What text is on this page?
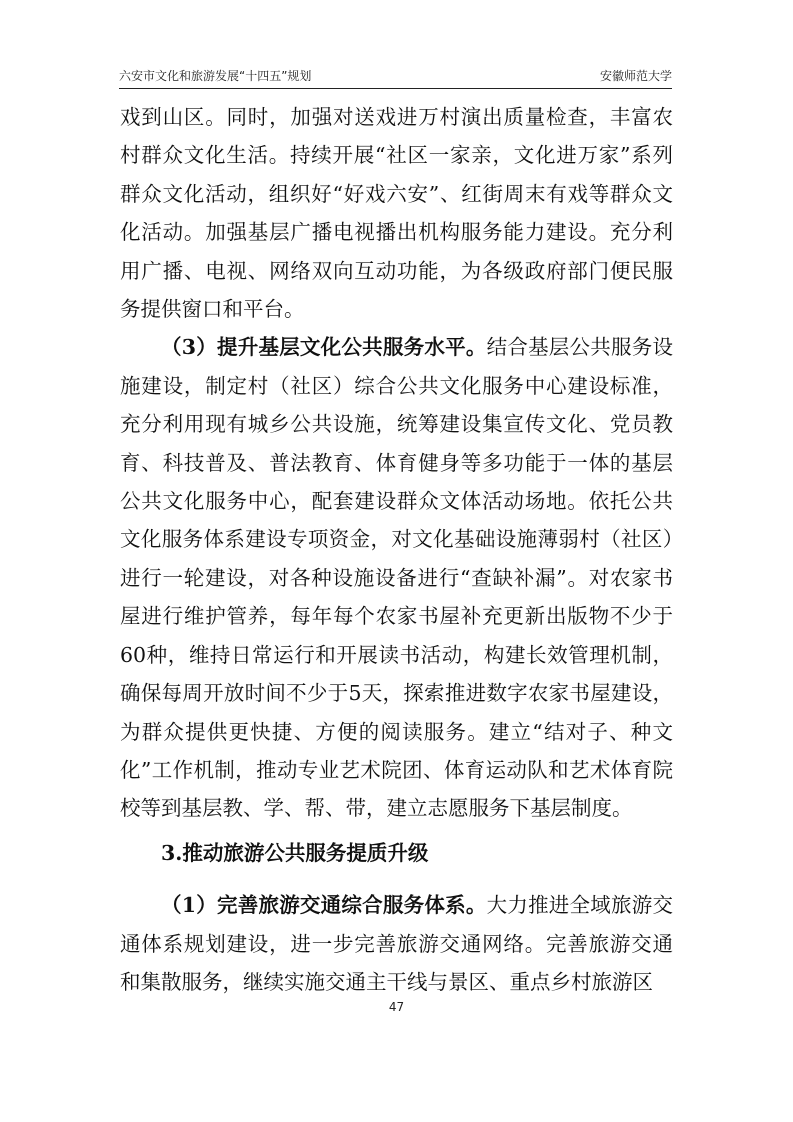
六安市文化和旅游发展“十四五”规划	安徽师范大学

戏到山区。同时，加强对送戏进万村演出质量检查，丰富农村群众文化生活。持续开展“社区一家亲，文化进万家”系列群众文化活动，组织好“好戏六安”、红街周末有戏等群众文化活动。加强基层广播电视播出机构服务能力建设。充分利用广播、电视、网络双向互动功能，为各级政府部门便民服务提供窗口和平台。

（3）提升基层文化公共服务水平。结合基层公共服务设施建设，制定村（社区）综合公共文化服务中心建设标准，充分利用现有城乡公共设施，统筹建设集宣传文化、党员教育、科技普及、普法教育、体育健身等多功能于一体的基层公共文化服务中心，配套建设群众文体活动场地。依托公共文化服务体系建设专项资金，对文化基础设施薄弱村（社区）进行一轮建设，对各种设施设备进行“查缺补漏”。对农家书屋进行维护管养，每年每个农家书屋补充更新出版物不少于60种，维持日常运行和开展读书活动，构建长效管理机制，确保每周开放时间不少于5天，探索推进数字农家书屋建设，为群众提供更快捷、方便的阅读服务。建立“结对子、种文化”工作机制，推动专业艺术院团、体育运动队和艺术体育院校等到基层教、学、帮、带，建立志愿服务下基层制度。

3.推动旅游公共服务提质升级

（1）完善旅游交通综合服务体系。大力推进全域旅游交通体系规划建设，进一步完善旅游交通网络。完善旅游交通和集散服务，继续实施交通主干线与景区、重点乡村旅游区

47
